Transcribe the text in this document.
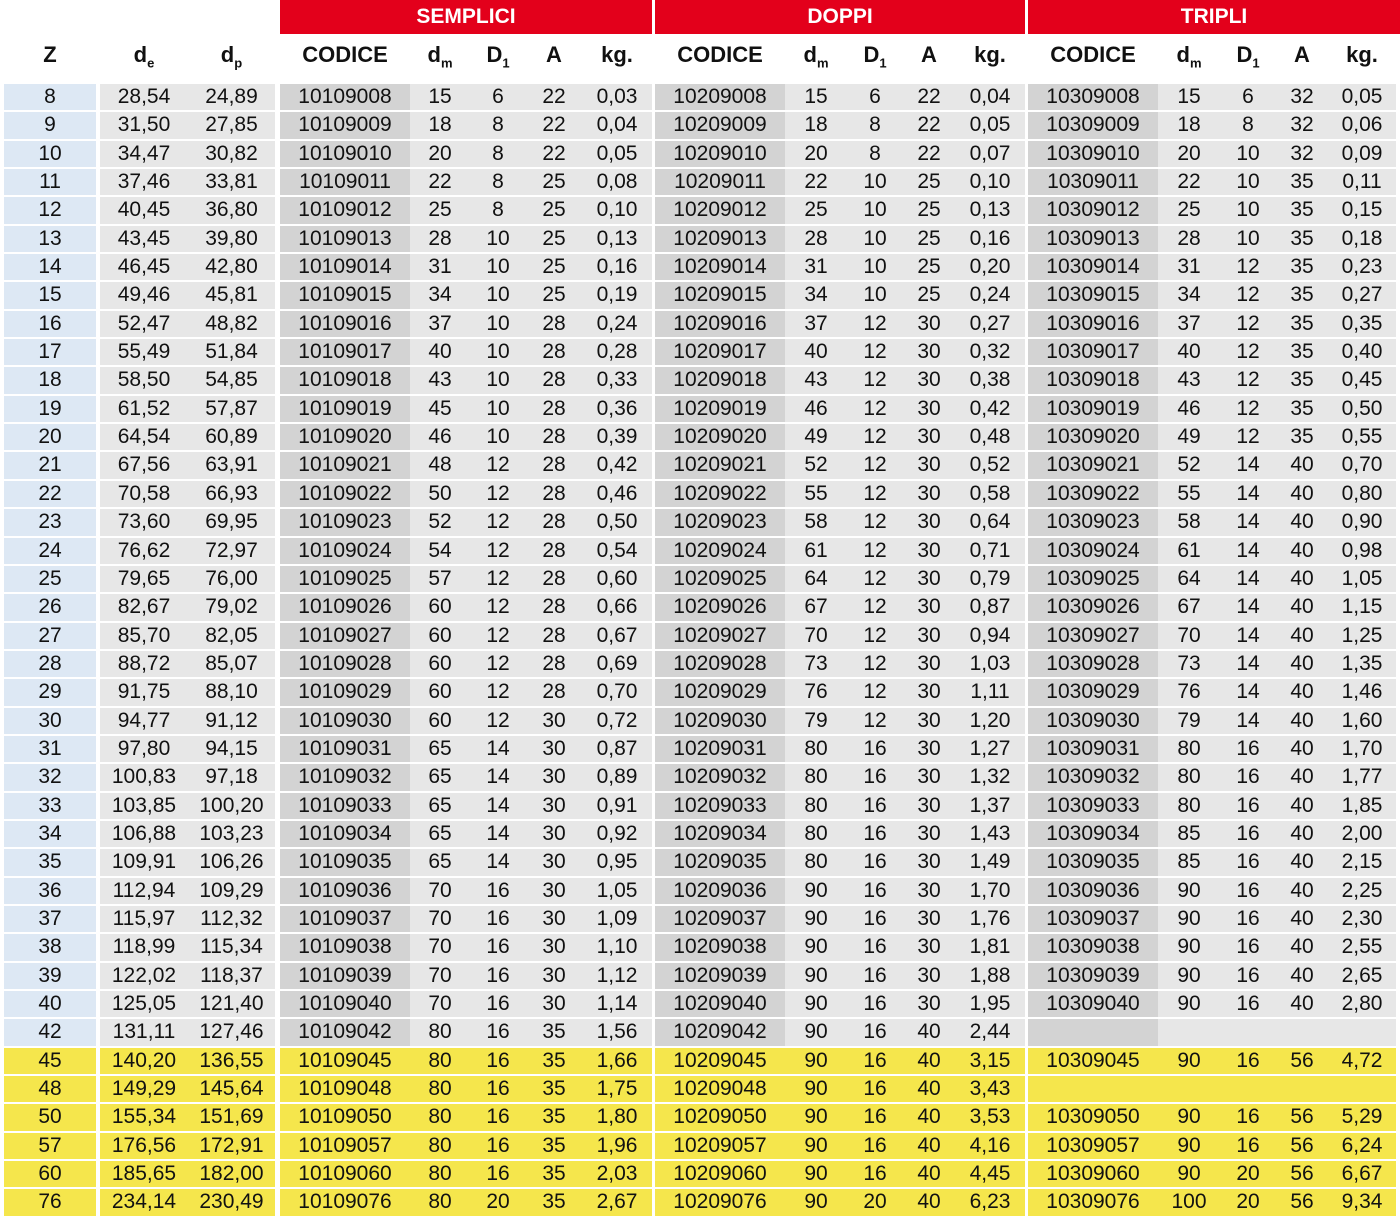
SEMPLICI	DOPPI	TRIPLI
Z	$d_e$	$d_p$	CODICE	$d_m$	$D_1$	A	kg.	CODICE	$d_m$	$D_1$	A	kg.	CODICE	$d_m$	$D_1$	A	kg.
8	28,54	24,89	10109008	15	6	22	0,03	10209008	15	6	22	0,04	10309008	15	6	32	0,05
9	31,50	27,85	10109009	18	8	22	0,04	10209009	18	8	22	0,05	10309009	18	8	32	0,06
10	34,47	30,82	10109010	20	8	22	0,05	10209010	20	8	22	0,07	10309010	20	10	32	0,09
11	37,46	33,81	10109011	22	8	25	0,08	10209011	22	10	25	0,10	10309011	22	10	35	0,11
12	40,45	36,80	10109012	25	8	25	0,10	10209012	25	10	25	0,13	10309012	25	10	35	0,15
13	43,45	39,80	10109013	28	10	25	0,13	10209013	28	10	25	0,16	10309013	28	10	35	0,18
14	46,45	42,80	10109014	31	10	25	0,16	10209014	31	10	25	0,20	10309014	31	12	35	0,23
15	49,46	45,81	10109015	34	10	25	0,19	10209015	34	10	25	0,24	10309015	34	12	35	0,27
16	52,47	48,82	10109016	37	10	28	0,24	10209016	37	12	30	0,27	10309016	37	12	35	0,35
17	55,49	51,84	10109017	40	10	28	0,28	10209017	40	12	30	0,32	10309017	40	12	35	0,40
18	58,50	54,85	10109018	43	10	28	0,33	10209018	43	12	30	0,38	10309018	43	12	35	0,45
19	61,52	57,87	10109019	45	10	28	0,36	10209019	46	12	30	0,42	10309019	46	12	35	0,50
20	64,54	60,89	10109020	46	10	28	0,39	10209020	49	12	30	0,48	10309020	49	12	35	0,55
21	67,56	63,91	10109021	48	12	28	0,42	10209021	52	12	30	0,52	10309021	52	14	40	0,70
22	70,58	66,93	10109022	50	12	28	0,46	10209022	55	12	30	0,58	10309022	55	14	40	0,80
23	73,60	69,95	10109023	52	12	28	0,50	10209023	58	12	30	0,64	10309023	58	14	40	0,90
24	76,62	72,97	10109024	54	12	28	0,54	10209024	61	12	30	0,71	10309024	61	14	40	0,98
25	79,65	76,00	10109025	57	12	28	0,60	10209025	64	12	30	0,79	10309025	64	14	40	1,05
26	82,67	79,02	10109026	60	12	28	0,66	10209026	67	12	30	0,87	10309026	67	14	40	1,15
27	85,70	82,05	10109027	60	12	28	0,67	10209027	70	12	30	0,94	10309027	70	14	40	1,25
28	88,72	85,07	10109028	60	12	28	0,69	10209028	73	12	30	1,03	10309028	73	14	40	1,35
29	91,75	88,10	10109029	60	12	28	0,70	10209029	76	12	30	1,11	10309029	76	14	40	1,46
30	94,77	91,12	10109030	60	12	30	0,72	10209030	79	12	30	1,20	10309030	79	14	40	1,60
31	97,80	94,15	10109031	65	14	30	0,87	10209031	80	16	30	1,27	10309031	80	16	40	1,70
32	100,83	97,18	10109032	65	14	30	0,89	10209032	80	16	30	1,32	10309032	80	16	40	1,77
33	103,85	100,20	10109033	65	14	30	0,91	10209033	80	16	30	1,37	10309033	80	16	40	1,85
34	106,88	103,23	10109034	65	14	30	0,92	10209034	80	16	30	1,43	10309034	85	16	40	2,00
35	109,91	106,26	10109035	65	14	30	0,95	10209035	80	16	30	1,49	10309035	85	16	40	2,15
36	112,94	109,29	10109036	70	16	30	1,05	10209036	90	16	30	1,70	10309036	90	16	40	2,25
37	115,97	112,32	10109037	70	16	30	1,09	10209037	90	16	30	1,76	10309037	90	16	40	2,30
38	118,99	115,34	10109038	70	16	30	1,10	10209038	90	16	30	1,81	10309038	90	16	40	2,55
39	122,02	118,37	10109039	70	16	30	1,12	10209039	90	16	30	1,88	10309039	90	16	40	2,65
40	125,05	121,40	10109040	70	16	30	1,14	10209040	90	16	30	1,95	10309040	90	16	40	2,80
42	131,11	127,46	10109042	80	16	35	1,56	10209042	90	16	40	2,44
45	140,20	136,55	10109045	80	16	35	1,66	10209045	90	16	40	3,15	10309045	90	16	56	4,72
48	149,29	145,64	10109048	80	16	35	1,75	10209048	90	16	40	3,43
50	155,34	151,69	10109050	80	16	35	1,80	10209050	90	16	40	3,53	10309050	90	16	56	5,29
57	176,56	172,91	10109057	80	16	35	1,96	10209057	90	16	40	4,16	10309057	90	16	56	6,24
60	185,65	182,00	10109060	80	16	35	2,03	10209060	90	16	40	4,45	10309060	90	20	56	6,67
76	234,14	230,49	10109076	80	20	35	2,67	10209076	90	20	40	6,23	10309076	100	20	56	9,34
